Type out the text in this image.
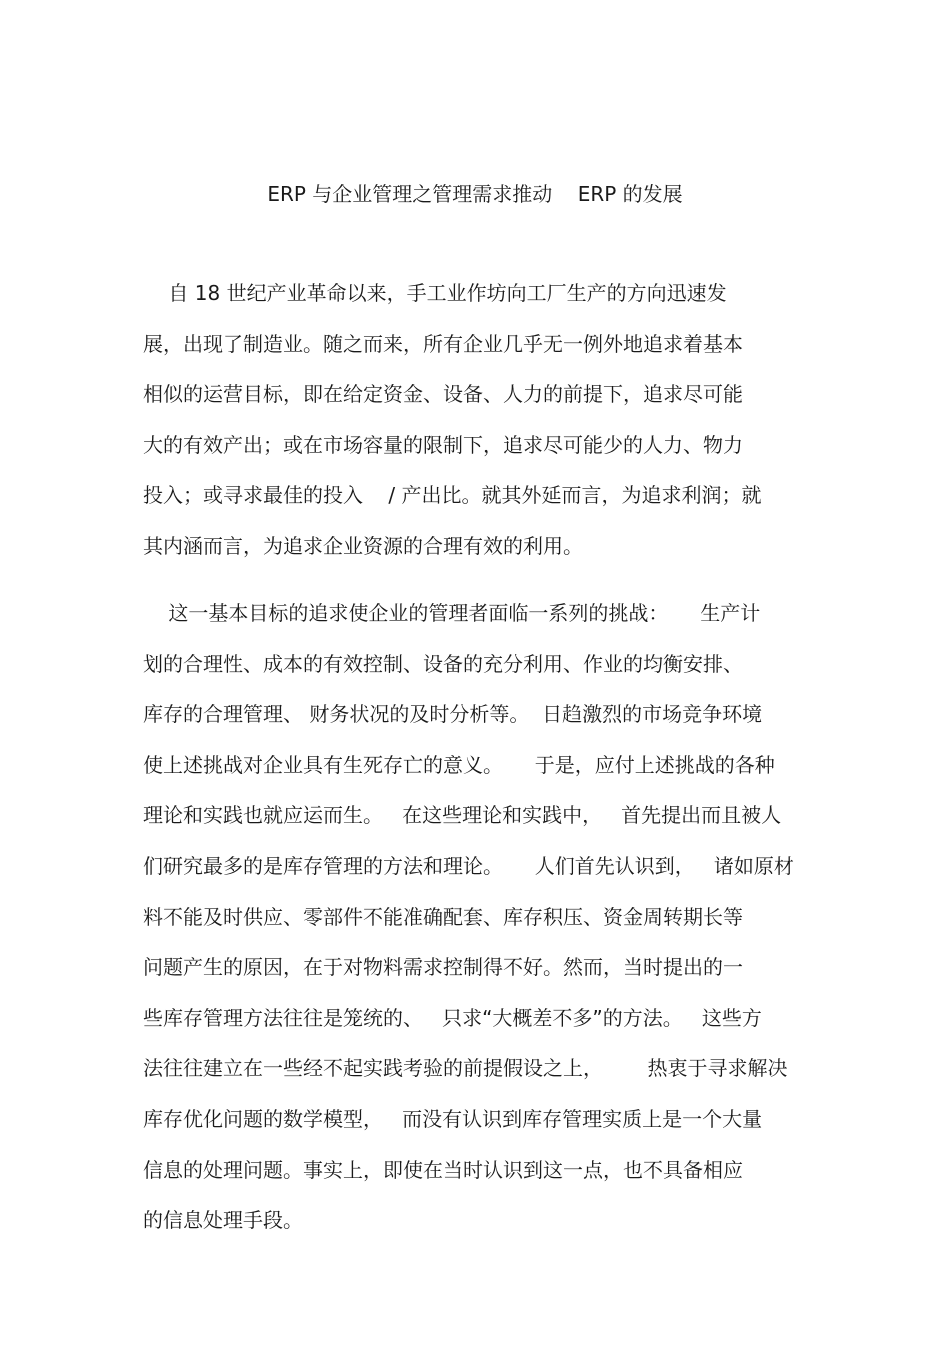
ERP 与企业管理之管理需求推动    ERP 的发展
自 18 世纪产业革命以来，手工业作坊向工厂生产的方向迅速发
展，出现了制造业。随之而来，所有企业几乎无一例外地追求着基本
相似的运营目标，即在给定资金、设备、人力的前提下，追求尽可能
大的有效产出；或在市场容量的限制下，追求尽可能少的人力、物力
投入；或寻求最佳的投入    / 产出比。就其外延而言，为追求利润；就
其内涵而言，为追求企业资源的合理有效的利用。
这一基本目标的追求使企业的管理者面临一系列的挑战：     生产计
划的合理性、成本的有效控制、设备的充分利用、作业的均衡安排、
库存的合理管理、 财务状况的及时分析等。  日趋激烈的市场竞争环境
使上述挑战对企业具有生死存亡的意义。     于是，应付上述挑战的各种
理论和实践也就应运而生。   在这些理论和实践中，   首先提出而且被人
们研究最多的是库存管理的方法和理论。     人们首先认识到，   诸如原材
料不能及时供应、零部件不能准确配套、库存积压、资金周转期长等
问题产生的原因，在于对物料需求控制得不好。然而，当时提出的一
些库存管理方法往往是笼统的、   只求“大概差不多”的方法。   这些方
法往往建立在一些经不起实践考验的前提假设之上，       热衷于寻求解决
库存优化问题的数学模型，   而没有认识到库存管理实质上是一个大量
信息的处理问题。事实上，即使在当时认识到这一点，也不具备相应
的信息处理手段。
